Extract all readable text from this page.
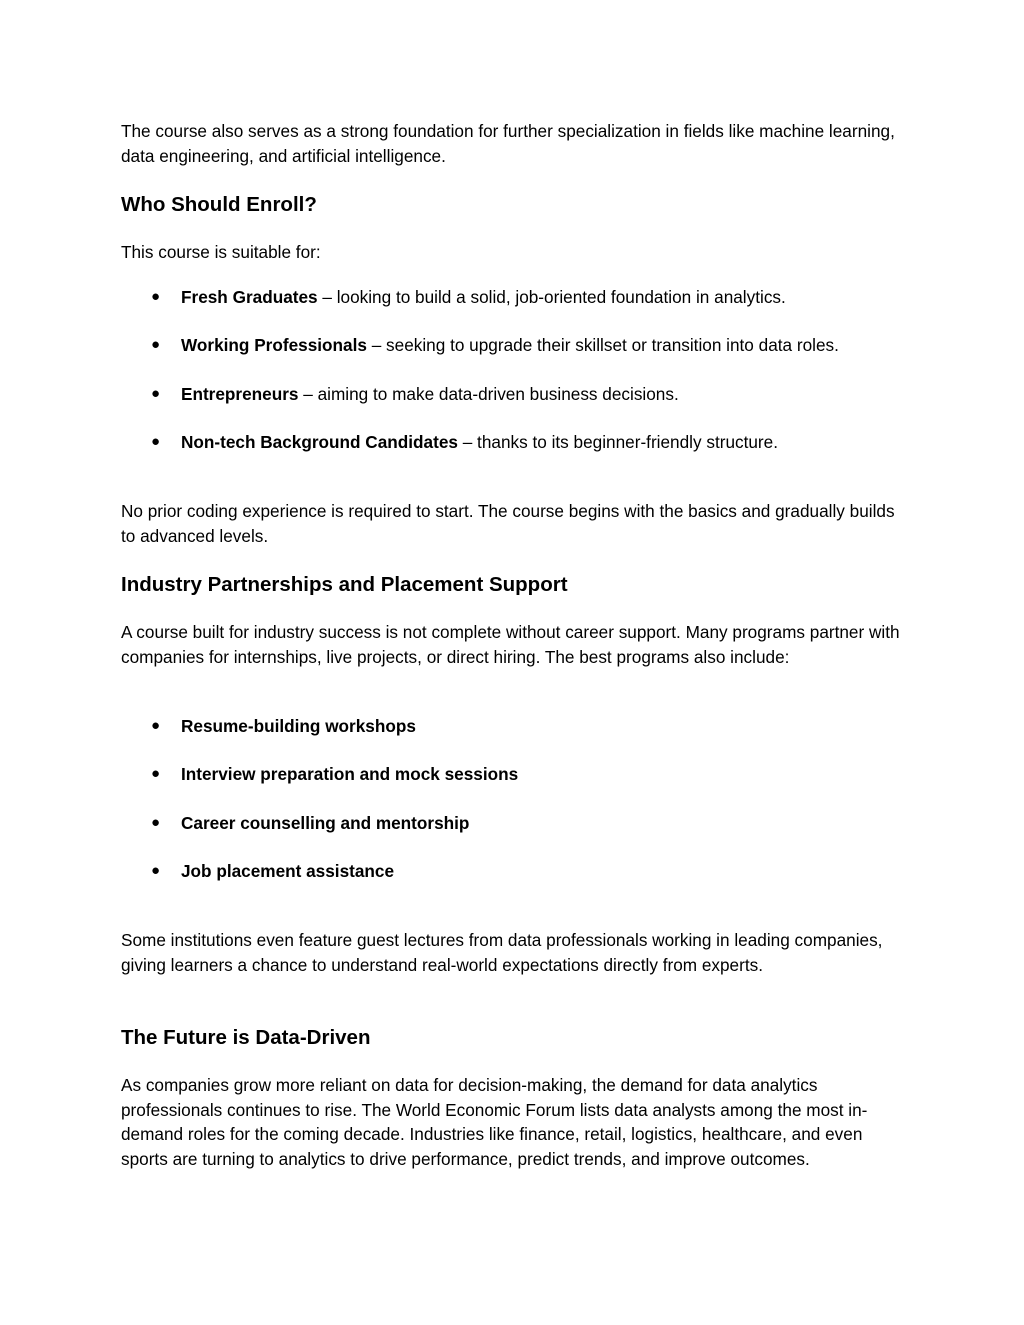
The course also serves as a strong foundation for further specialization in fields like machine learning, data engineering, and artificial intelligence.

Who Should Enroll?

This course is suitable for:

● Fresh Graduates – looking to build a solid, job-oriented foundation in analytics.
● Working Professionals – seeking to upgrade their skillset or transition into data roles.
● Entrepreneurs – aiming to make data-driven business decisions.
● Non-tech Background Candidates – thanks to its beginner-friendly structure.

No prior coding experience is required to start. The course begins with the basics and gradually builds to advanced levels.

Industry Partnerships and Placement Support

A course built for industry success is not complete without career support. Many programs partner with companies for internships, live projects, or direct hiring. The best programs also include:

● Resume-building workshops
● Interview preparation and mock sessions
● Career counselling and mentorship
● Job placement assistance

Some institutions even feature guest lectures from data professionals working in leading companies, giving learners a chance to understand real-world expectations directly from experts.

The Future is Data-Driven

As companies grow more reliant on data for decision-making, the demand for data analytics professionals continues to rise. The World Economic Forum lists data analysts among the most in-demand roles for the coming decade. Industries like finance, retail, logistics, healthcare, and even sports are turning to analytics to drive performance, predict trends, and improve outcomes.
